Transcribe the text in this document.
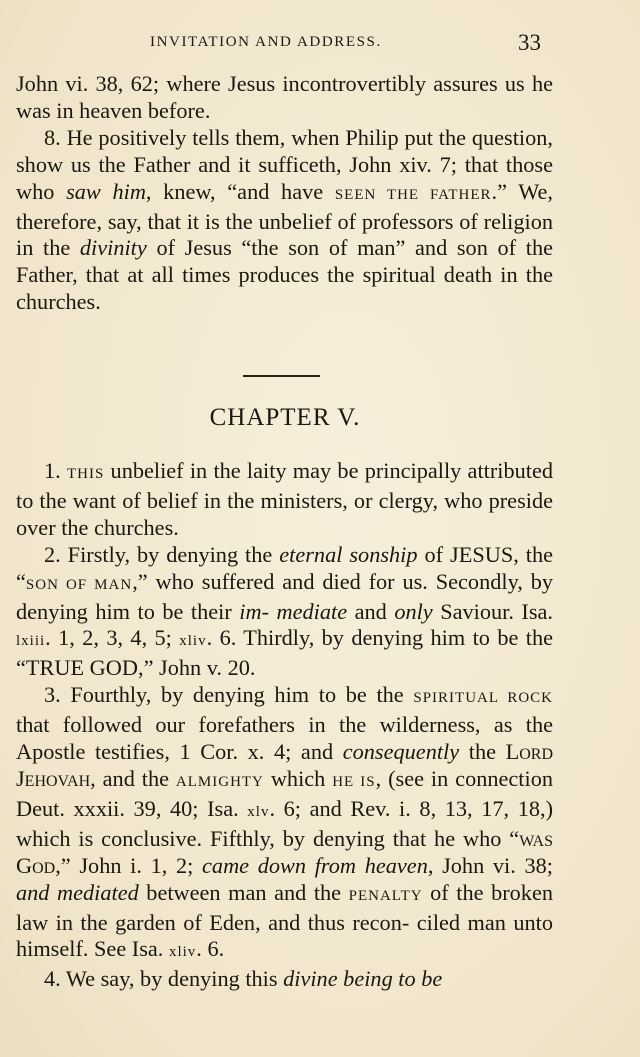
INVITATION AND ADDRESS.	33

John vi. 38, 62; where Jesus incontrovertibly assures us he was in heaven before.

8. He positively tells them, when Philip put the question, show us the Father and it sufficeth, John xiv. 7; that those who saw him, knew, “and have SEEN THE FATHER.” We, therefore, say, that it is the unbelief of professors of religion in the divinity of Jesus “the son of man” and son of the Father, that at all times produces the spiritual death in the churches.

CHAPTER V.

1. THIS unbelief in the laity may be principally attributed to the want of belief in the ministers, or clergy, who preside over the churches.

2. Firstly, by denying the eternal sonship of JESUS, the “SON OF MAN,” who suffered and died for us. Secondly, by denying him to be their im- mediate and only Saviour. Isa. lxiii. 1, 2, 3, 4, 5; xliv. 6. Thirdly, by denying him to be the “TRUE GOD,” John v. 20.

3. Fourthly, by denying him to be the SPIRITUAL ROCK that followed our forefathers in the wilderness, as the Apostle testifies, 1 Cor. x. 4; and consequently the Lord Jehovah, and the ALMIGHTY which HE IS, (see in connection Deut. xxxii. 39, 40; Isa. xlv. 6; and Rev. i. 8, 13, 17, 18,) which is conclusive. Fifthly, by denying that he who “was God,” John i. 1, 2; came down from heaven, John vi. 38; and mediated between man and the PENALTY of the broken law in the garden of Eden, and thus recon- ciled man unto himself. See Isa. xliv. 6.

4. We say, by denying this divine being to be
